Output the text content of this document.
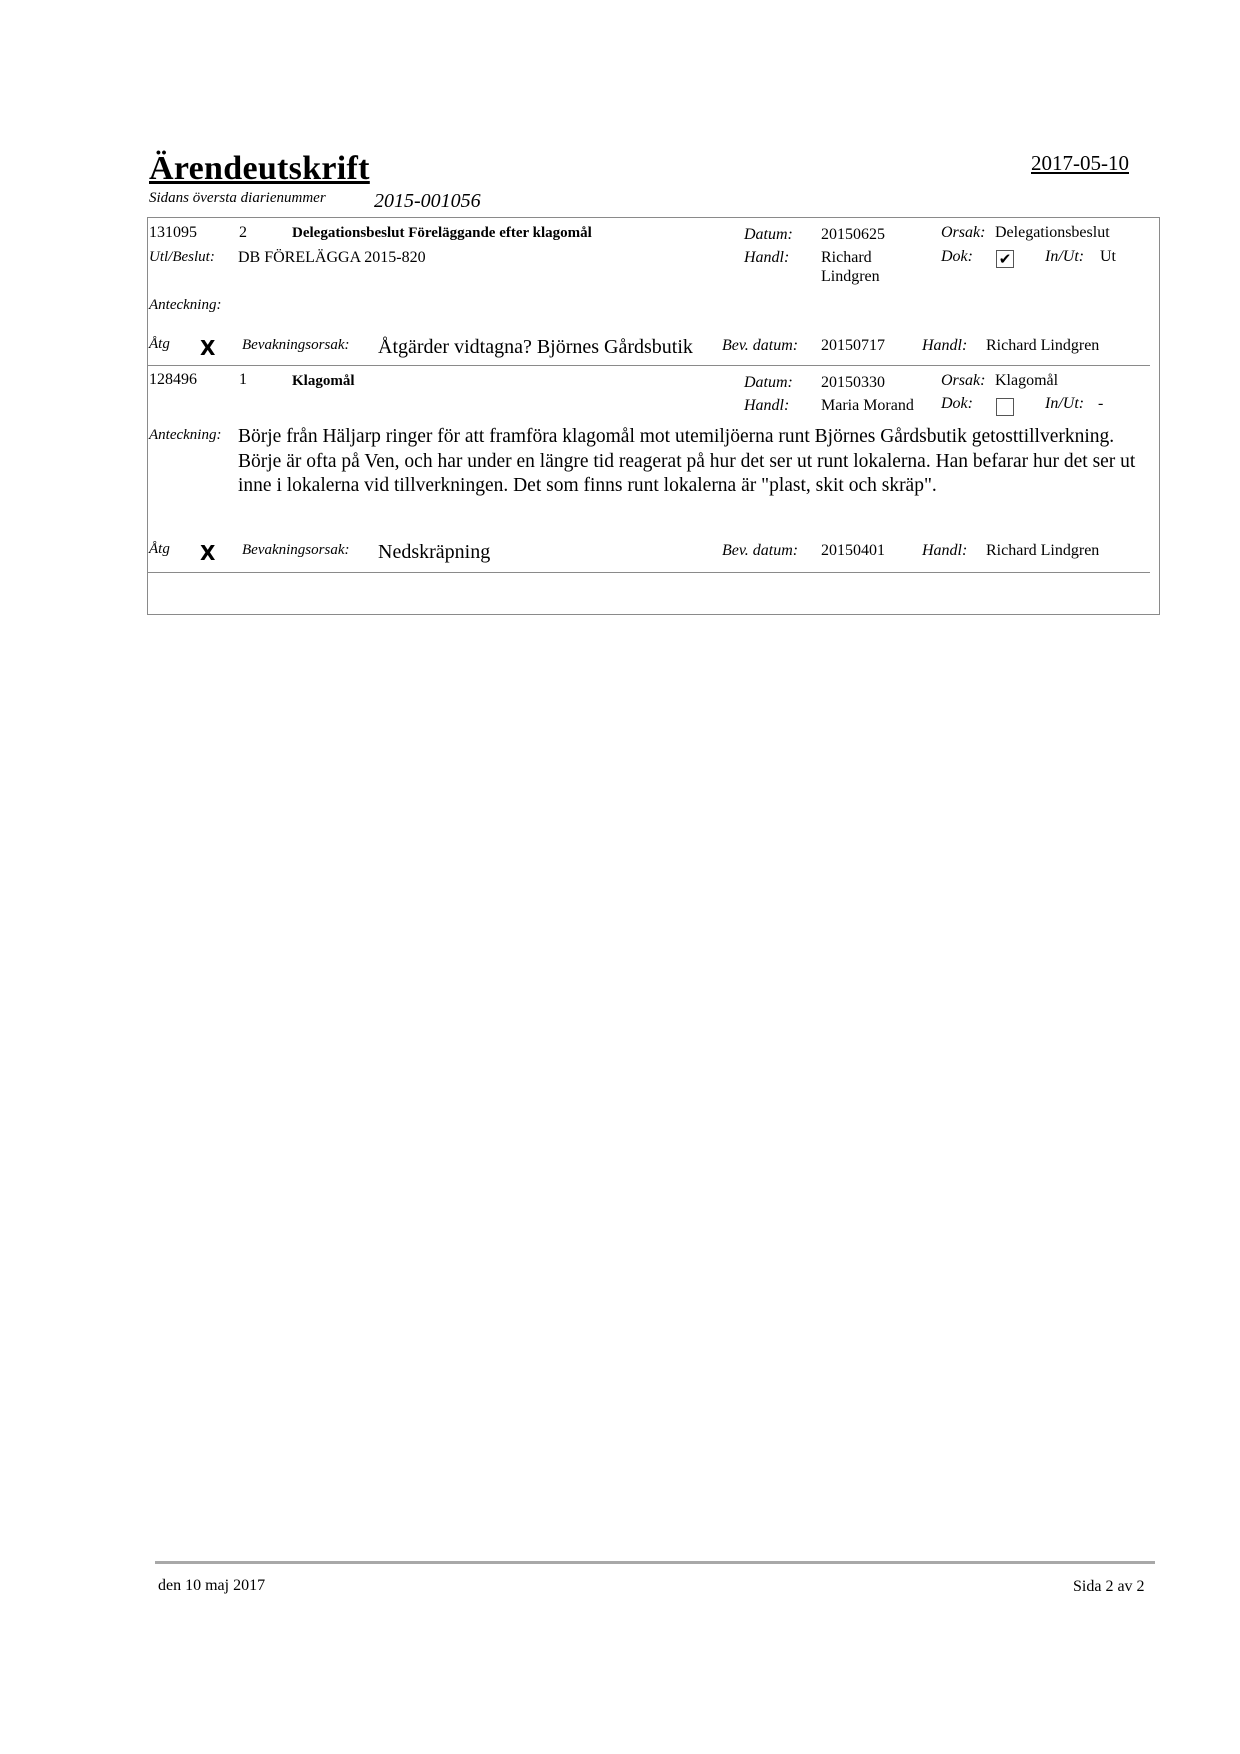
Ärendeutskrift	2017-05-10
Sidans översta diarienummer 2015-001056
131095	2	Delegationsbeslut Föreläggande efter klagomål	Datum: 20150625	Orsak: Delegationsbeslut
Utl/Beslut: DB FÖRELÄGGA 2015-820	Handl: Richard
Lindgren
Dok: ✔ In/Ut: Ut
Anteckning:
Åtg X Bevakningsorsak: Åtgärder vidtagna? Björnes Gårdsbutik Bev. datum: 20150717 Handl: Richard Lindgren
128496	1	Klagomål	Datum: 20150330	Orsak: Klagomål
Handl: Maria Morand Dok:	In/Ut: -
Anteckning: Börje från Häljarp ringer för att framföra klagomål mot utemiljöerna runt Björnes Gårdsbutik getosttillverkning. Börje är ofta på Ven, och har under en längre tid reagerat på hur det ser ut runt lokalerna. Han befarar hur det ser ut inne i lokalerna vid tillverkningen. Det som finns runt lokalerna är "plast, skit och skräp".
Åtg X Bevakningsorsak: Nedskräpning	Bev. datum: 20150401 Handl: Richard Lindgren
den 10 maj 2017	Sida 2 av 2
